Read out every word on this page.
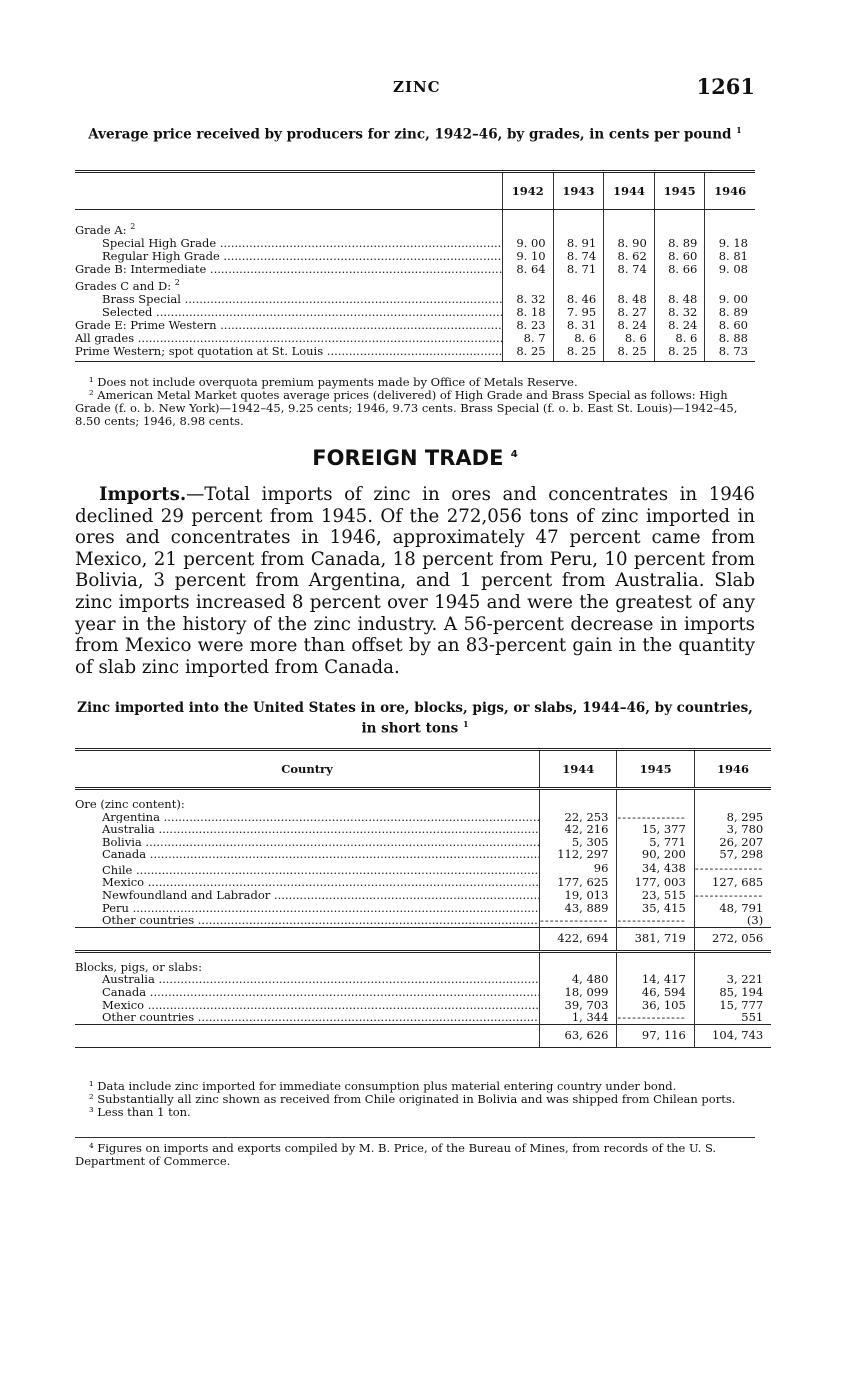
ZINC	1261
Average price received by producers for zinc, 1942–46, by grades, in cents per pound $^1$
	1942	1943	1944	1945	1946

Grade A: $^2$					
Special High Grade .....	9. 00	8. 91	8. 90	8. 89	9. 18
Regular High Grade .....	9. 10	8. 74	8. 62	8. 60	8. 81
Grade B: Intermediate .....	8. 64	8. 71	8. 74	8. 66	9. 08
Grades C and D: $^2$					
Brass Special .....	8. 32	8. 46	8. 48	8. 48	9. 00
Selected .....	8. 18	7. 95	8. 27	8. 32	8. 89
Grade E: Prime Western .....	8. 23	8. 31	8. 24	8. 24	8. 60
All grades .....	8. 7	8. 6	8. 6	8. 6	8. 88
Prime Western; spot quotation at St. Louis .....	8. 25	8. 25	8. 25	8. 25	8. 73

¹ Does not include overquota premium payments made by Office of Metals Reserve.

² American Metal Market quotes average prices (delivered) of High Grade and Brass Special as follows: High Grade (f. o. b. New York)—1942–45, 9.25 cents; 1946, 9.73 cents. Brass Special (f. o. b. East St. Louis)—1942–45, 8.50 cents; 1946, 8.98 cents.

FOREIGN TRADE $^4$

Imports.—Total imports of zinc in ores and concentrates in 1946 declined 29 percent from 1945. Of the 272,056 tons of zinc imported in ores and concentrates in 1946, approximately 47 percent came from Mexico, 21 percent from Canada, 18 percent from Peru, 10 percent from Bolivia, 3 percent from Argentina, and 1 percent from Australia. Slab zinc imports increased 8 percent over 1945 and were the greatest of any year in the history of the zinc industry. A 56-percent decrease in imports from Mexico were more than offset by an 83-percent gain in the quantity of slab zinc imported from Canada.

Zinc imported into the United States in ore, blocks, pigs, or slabs, 1944–46, by countries, in short tons $^1$
Country	1944	1945	1946

Ore (zinc content):			
Argentina .....	22, 253	-----	8, 295
Australia .....	42, 216	15, 377	3, 780
Bolivia .....	5, 305	5, 771	26, 207
Canada .....	112, 297	90, 200	57, 298
Chile .....	96	34, 438	-----
Mexico .....	177, 625	177, 003	127, 685
Newfoundland and Labrador .....	19, 013	23, 515	-----
Peru .....	43, 889	35, 415	48, 791
Other countries .....	-----	-----	(3)
	422, 694	381, 719	272, 056

Blocks, pigs, or slabs:			
Australia .....	4, 480	14, 417	3, 221
Canada .....	18, 099	46, 594	85, 194
Mexico .....	39, 703	36, 105	15, 777
Other countries .....	1, 344	-----	551
	63, 626	97, 116	104, 743

¹ Data include zinc imported for immediate consumption plus material entering country under bond.

² Substantially all zinc shown as received from Chile originated in Bolivia and was shipped from Chilean ports.

³ Less than 1 ton.

⁴ Figures on imports and exports compiled by M. B. Price, of the Bureau of Mines, from records of the U. S. Department of Commerce.
